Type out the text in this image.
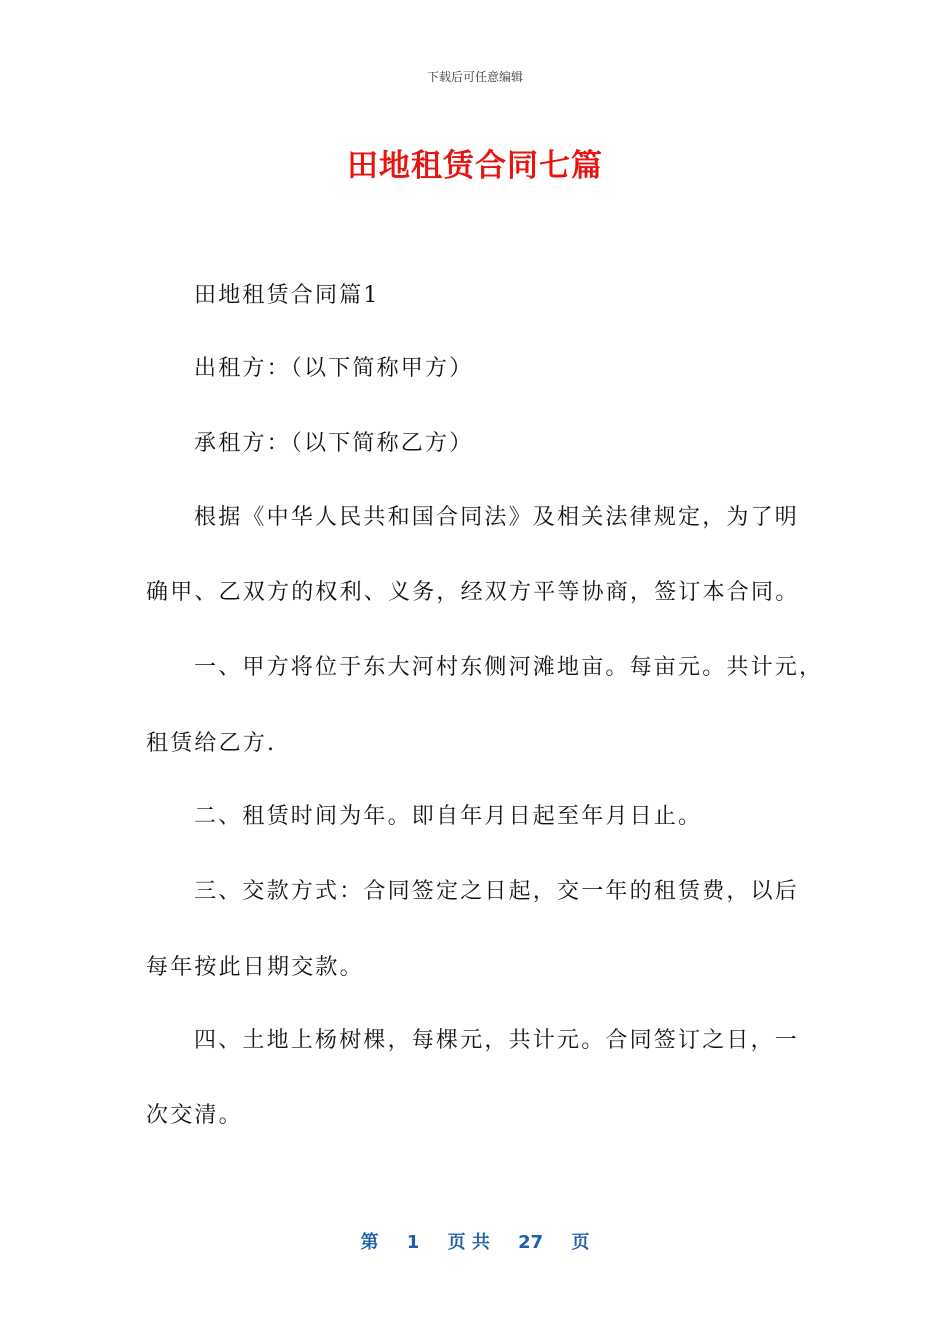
下载后可任意编辑
田地租赁合同七篇
田地租赁合同篇1
出租方：（以下简称甲方）
承租方：（以下简称乙方）
根据《中华人民共和国合同法》及相关法律规定，为了明
确甲、乙双方的权利、义务，经双方平等协商，签订本合同。
一、甲方将位于东大河村东侧河滩地亩。每亩元。共计元，
租赁给乙方.
二、租赁时间为年。即自年月日起至年月日止。
三、交款方式：合同签定之日起，交一年的租赁费，以后
每年按此日期交款。
四、土地上杨树棵，每棵元，共计元。合同签订之日，一
次交清。
第 1 页 共 27 页
